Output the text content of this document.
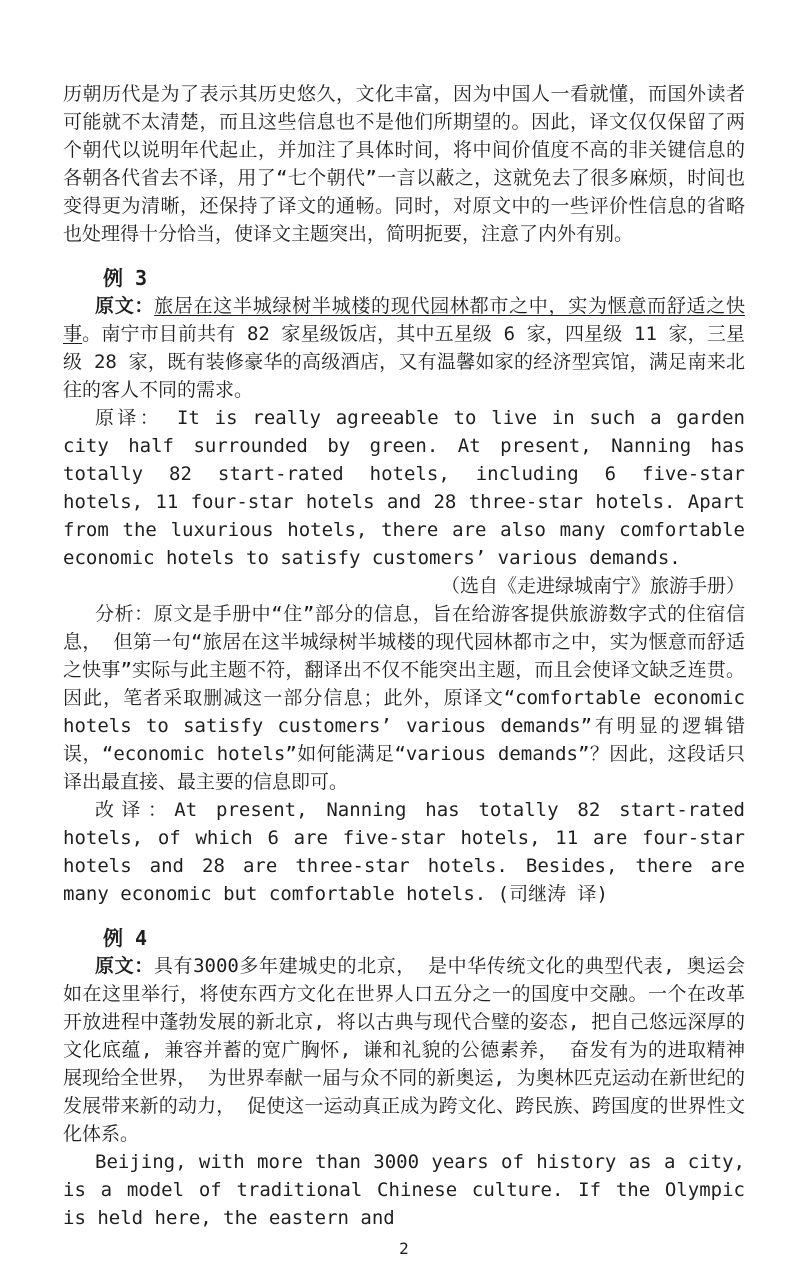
历朝历代是为了表示其历史悠久，文化丰富，因为中国人一看就懂，而国外读者可能就不太清楚，而且这些信息也不是他们所期望的。因此，译文仅仅保留了两个朝代以说明年代起止，并加注了具体时间，将中间价值度不高的非关键信息的各朝各代省去不译，用了“七个朝代”一言以蔽之，这就免去了很多麻烦，时间也变得更为清晰，还保持了译文的通畅。同时，对原文中的一些评价性信息的省略也处理得十分恰当，使译文主题突出，简明扼要，注意了内外有别。

例 3

原文：旅居在这半城绿树半城楼的现代园林都市之中，实为惬意而舒适之快事。南宁市目前共有 82 家星级饭店，其中五星级 6 家，四星级 11 家，三星级 28 家，既有装修豪华的高级酒店，又有温馨如家的经济型宾馆，满足南来北往的客人不同的需求。

原译： It is really agreeable to live in such a garden city half surrounded by green. At present, Nanning has totally 82 start-rated hotels, including 6 five-star hotels, 11 four-star hotels and 28 three-star hotels. Apart from the luxurious hotels, there are also many comfortable economic hotels to satisfy customers’ various demands.

（选自《走进绿城南宁》旅游手册）

分析：原文是手册中“住”部分的信息，旨在给游客提供旅游数字式的住宿信息， 但第一句“旅居在这半城绿树半城楼的现代园林都市之中，实为惬意而舒适之快事”实际与此主题不符，翻译出不仅不能突出主题，而且会使译文缺乏连贯。因此，笔者采取删减这一部分信息；此外，原译文“comfortable economic hotels to satisfy customers’ various demands”有明显的逻辑错误，“economic hotels”如何能满足“various demands”？因此，这段话只译出最直接、最主要的信息即可。

改译：At present, Nanning has totally 82 start-rated hotels, of which 6 are five-star hotels, 11 are four-star hotels and 28 are three-star hotels. Besides, there are many economic but comfortable hotels. (司继涛 译)

例 4

原文：具有3000多年建城史的北京， 是中华传统文化的典型代表, 奥运会如在这里举行，将使东西方文化在世界人口五分之一的国度中交融。一个在改革开放进程中蓬勃发展的新北京, 将以古典与现代合璧的姿态, 把自己悠远深厚的文化底蕴, 兼容并蓄的宽广胸怀, 谦和礼貌的公德素养， 奋发有为的进取精神展现给全世界， 为世界奉献一届与众不同的新奥运, 为奥林匹克运动在新世纪的发展带来新的动力， 促使这一运动真正成为跨文化、跨民族、跨国度的世界性文化体系。

Beijing, with more than 3000 years of history as a city, is a model of traditional Chinese culture. If the Olympic is held here, the eastern and

2
